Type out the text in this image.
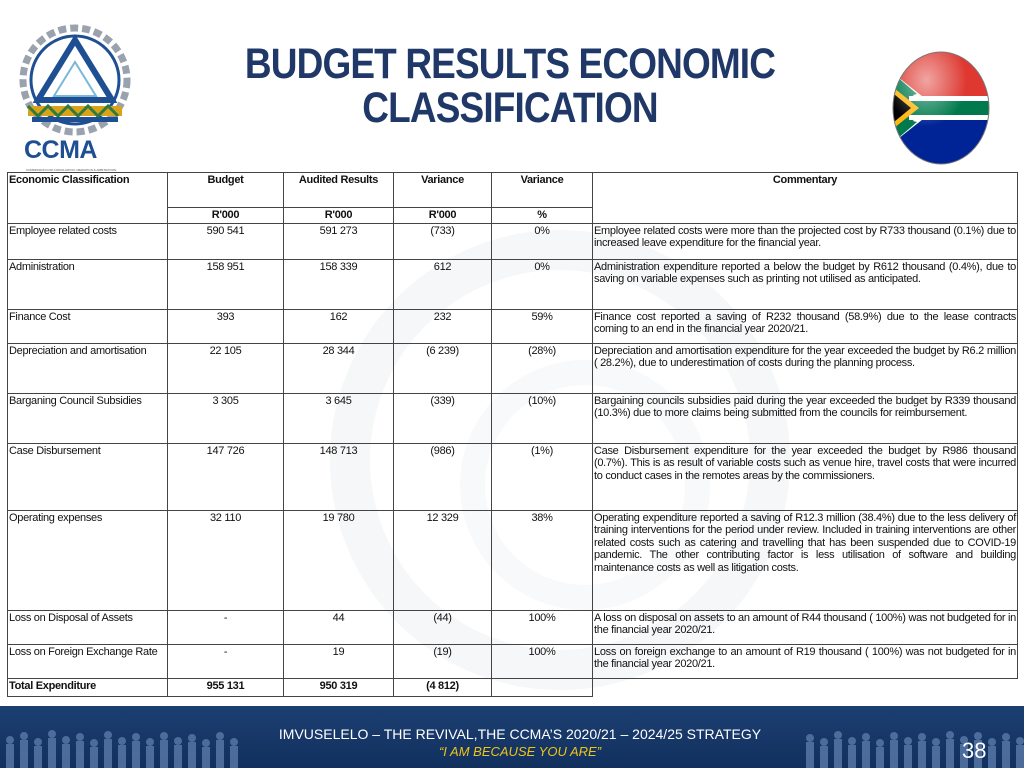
CCMA
COMMISSION FOR CONCILIATION, MEDIATION & ARBITRATION
BUDGET RESULTS ECONOMIC
CLASSIFICATION
Economic Classification	Budget	Audited Results	Variance	Variance	Commentary
	R'000	R'000	R'000	%	
Employee related costs	590 541	591 273	(733)	0%	Employee related costs were more than the projected cost by R733 thousand (0.1%) due to increased leave expenditure for the financial year.
Administration	158 951	158 339	612	0%	Administration expenditure reported a below the budget by R612 thousand (0.4%), due to saving on variable expenses such as printing not utilised as anticipated.
Finance Cost	393	162	232	59%	Finance cost reported a saving of R232 thousand (58.9%) due to the lease contracts coming to an end in the financial year 2020/21.
Depreciation and amortisation	22 105	28 344	(6 239)	(28%)	Depreciation and amortisation expenditure for the year exceeded the budget by R6.2 million ( 28.2%), due to underestimation of costs during the planning process.
Barganing Council Subsidies	3 305	3 645	(339)	(10%)	Bargaining councils subsidies paid during the year exceeded the budget by R339 thousand (10.3%) due to more claims being submitted from the councils for reimbursement.
Case Disbursement	147 726	148 713	(986)	(1%)	Case Disbursement expenditure for the year exceeded the budget by R986 thousand (0.7%). This is as result of variable costs such as venue hire, travel costs that were incurred to conduct cases in the remotes areas by the commissioners.
Operating expenses	32 110	19 780	12 329	38%	Operating expenditure reported a saving of R12.3 million (38.4%) due to the less delivery of training interventions for the period under review. Included in training interventions are other related costs such as catering and travelling that has been suspended due to COVID-19 pandemic. The other contributing factor is less utilisation of software and building maintenance costs as well as litigation costs.
Loss on Disposal of Assets	-	44	(44)	100%	A loss on disposal on assets to an amount of R44 thousand ( 100%) was not budgeted for in the financial year 2020/21.
Loss on Foreign Exchange Rate	-	19	(19)	100%	Loss on foreign exchange to an amount of R19 thousand ( 100%) was not budgeted for in the financial year 2020/21.
Total Expenditure	955 131	950 319	(4 812)		
IMVUSELELO – THE REVIVAL,THE CCMA’S 2020/21 – 2024/25 STRATEGY
“I AM BECAUSE YOU ARE”	38
